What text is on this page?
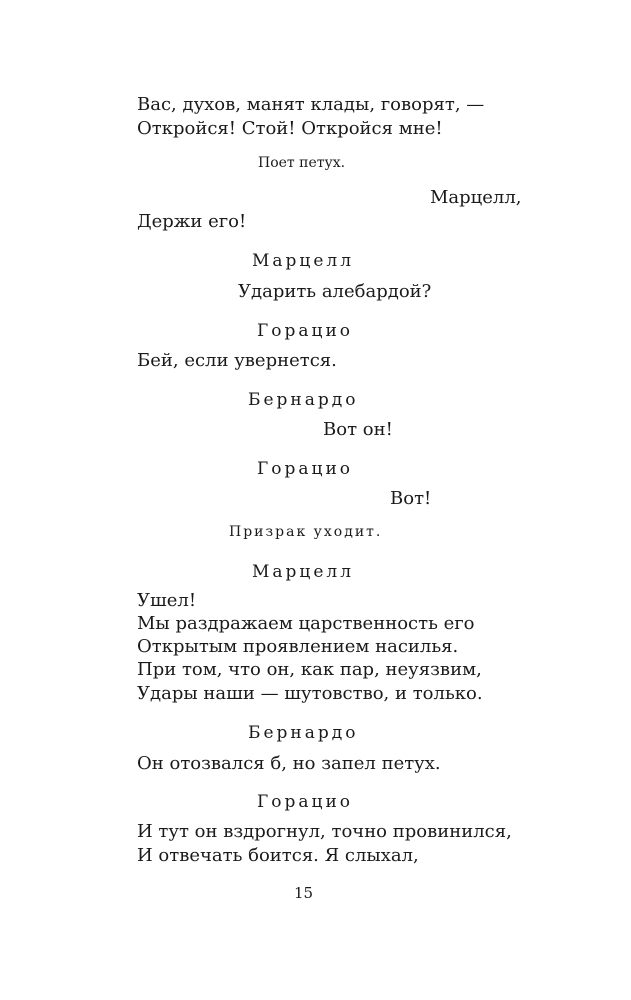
Вас, духов, манят клады, говорят, —
Откройся! Стой! Откройся мне!
Поет петух.
Марцелл,
Держи его!
Марцелл
Ударить алебардой?
Горацио
Бей, если увернется.
Бернардо
Вот он!
Горацио
Вот!
Призрак уходит.
Марцелл
Ушел!
Мы раздражаем царственность его
Открытым проявлением насилья.
При том, что он, как пар, неуязвим,
Удары наши — шутовство, и только.
Бернардо
Он отозвался б, но запел петух.
Горацио
И тут он вздрогнул, точно провинился,
И отвечать боится. Я слыхал,
15
